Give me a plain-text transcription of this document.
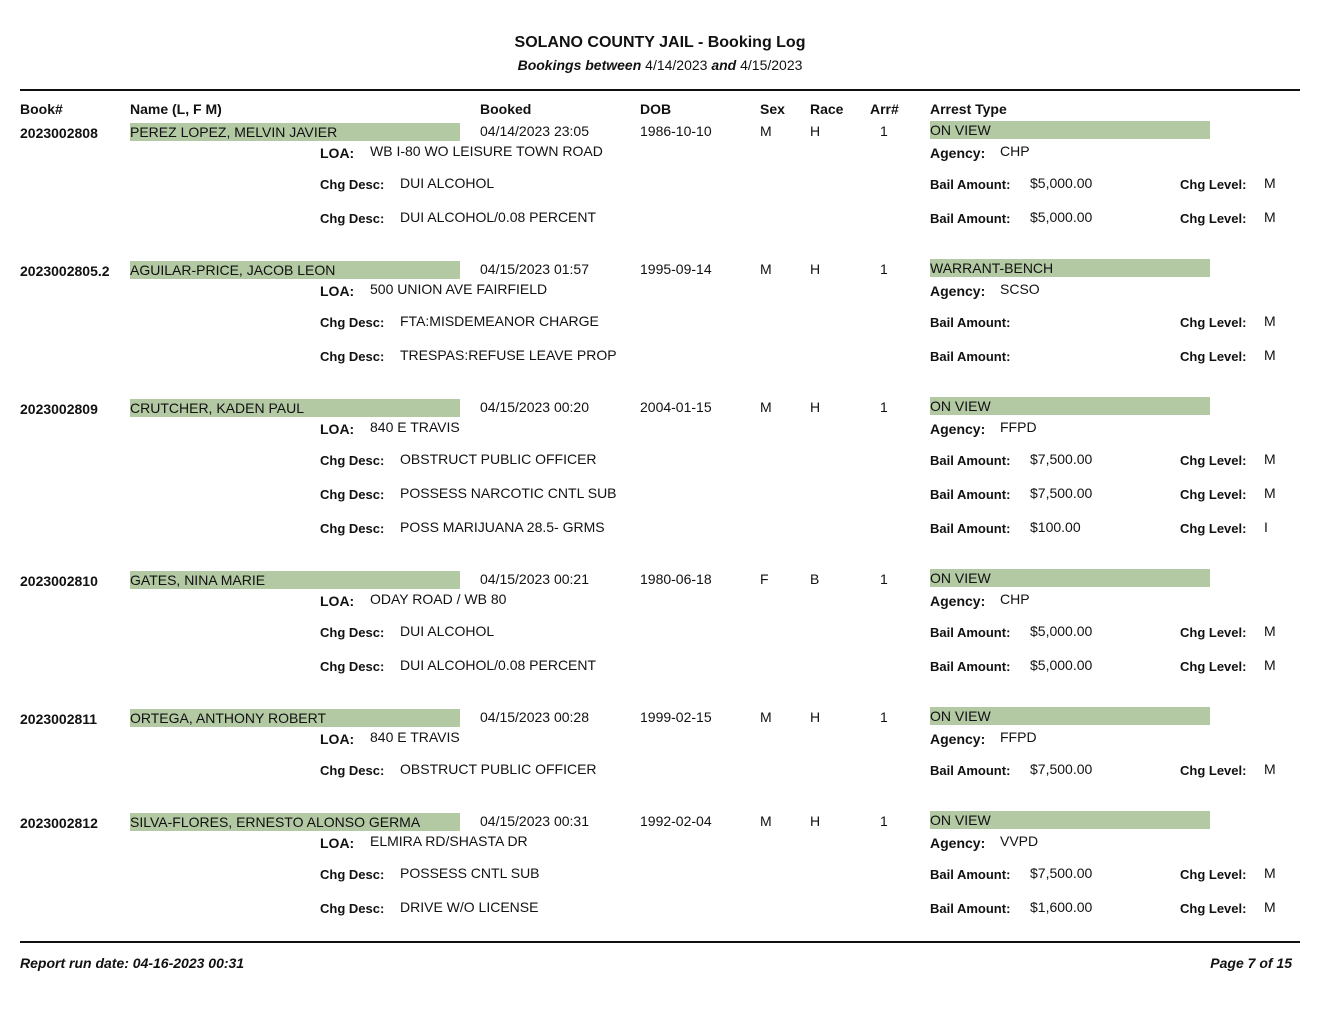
SOLANO COUNTY JAIL - Booking Log
Bookings between 4/14/2023 and 4/15/2023
Book#	Name (L, F M)	Booked	DOB	Sex Race Arr# Arrest Type
2023002808 PEREZ LOPEZ, MELVIN JAVIER	04/14/2023 23:05	1986-10-10	M	H	1	ON VIEW
LOA: WB I-80 WO LEISURE TOWN ROAD	Agency: CHP
Chg Desc: DUI ALCOHOL	Bail Amount: $5,000.00	Chg Level: M
Chg Desc: DUI ALCOHOL/0.08 PERCENT	Bail Amount: $5,000.00	Chg Level: M
2023002805.2 AGUILAR-PRICE, JACOB LEON	04/15/2023 01:57	1995-09-14	M	H	1	WARRANT-BENCH
LOA: 500 UNION AVE FAIRFIELD	Agency: SCSO
Chg Desc: FTA:MISDEMEANOR CHARGE	Bail Amount:	Chg Level: M
Chg Desc: TRESPAS:REFUSE LEAVE PROP	Bail Amount:	Chg Level: M
2023002809 CRUTCHER, KADEN PAUL	04/15/2023 00:20	2004-01-15	M	H	1	ON VIEW
LOA: 840 E TRAVIS	Agency: FFPD
Chg Desc: OBSTRUCT PUBLIC OFFICER	Bail Amount: $7,500.00	Chg Level: M
Chg Desc: POSSESS NARCOTIC CNTL SUB	Bail Amount: $7,500.00	Chg Level: M
Chg Desc: POSS MARIJUANA 28.5- GRMS	Bail Amount: $100.00	Chg Level: I
2023002810 GATES, NINA MARIE	04/15/2023 00:21	1980-06-18	F	B	1	ON VIEW
LOA: ODAY ROAD / WB 80	Agency: CHP
Chg Desc: DUI ALCOHOL	Bail Amount: $5,000.00	Chg Level: M
Chg Desc: DUI ALCOHOL/0.08 PERCENT	Bail Amount: $5,000.00	Chg Level: M
2023002811 ORTEGA, ANTHONY ROBERT	04/15/2023 00:28	1999-02-15	M	H	1	ON VIEW
LOA: 840 E TRAVIS	Agency: FFPD
Chg Desc: OBSTRUCT PUBLIC OFFICER	Bail Amount: $7,500.00	Chg Level: M
2023002812 SILVA-FLORES, ERNESTO ALONSO GERMA	04/15/2023 00:31	1992-02-04	M	H	1	ON VIEW
LOA: ELMIRA RD/SHASTA DR	Agency: VVPD
Chg Desc: POSSESS CNTL SUB	Bail Amount: $7,500.00	Chg Level: M
Chg Desc: DRIVE W/O LICENSE	Bail Amount: $1,600.00	Chg Level: M
Report run date: 04-16-2023 00:31	Page 7 of 15
